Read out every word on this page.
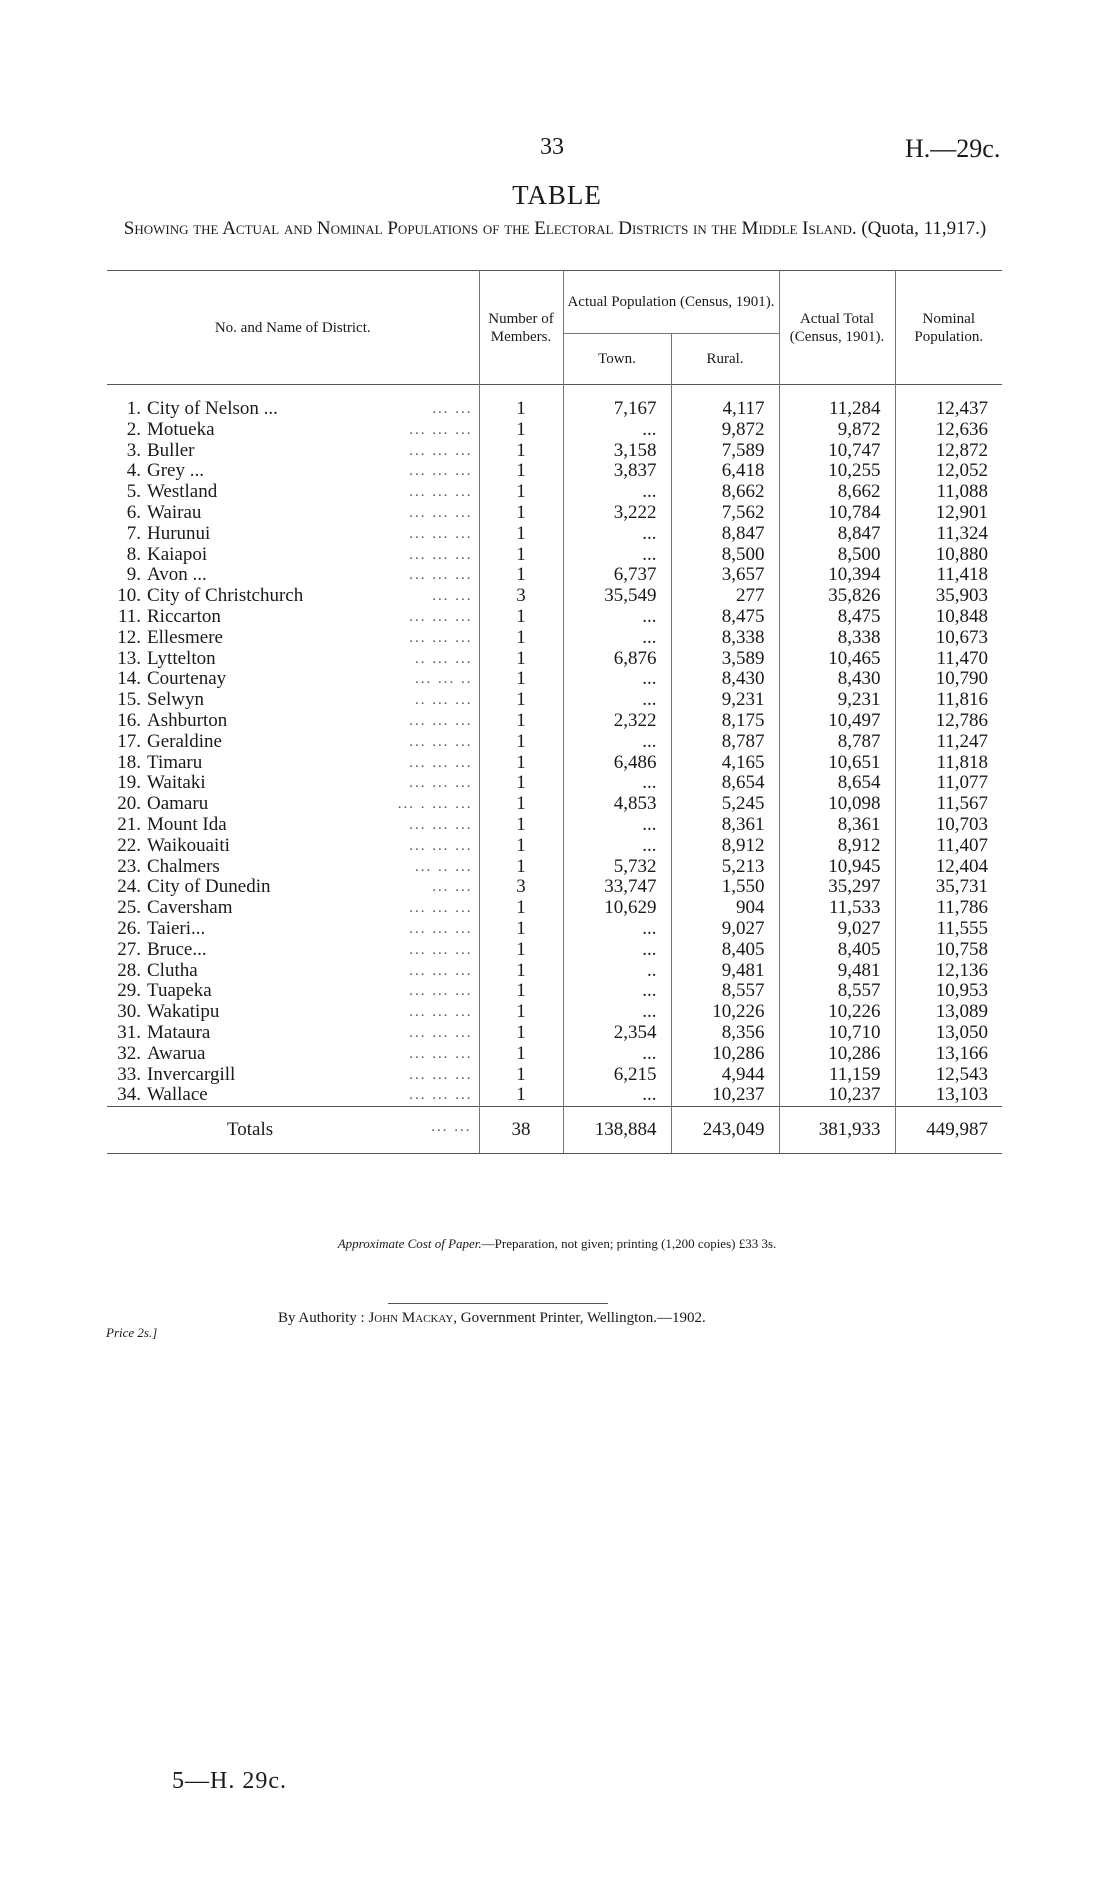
33	H.—29c.
TABLE
Showing the Actual and Nominal Populations of the Electoral Districts in the Middle Island. (Quota, 11,917.)
No. and Name of District.	Number of Members.	Actual Population (Census, 1901).		Actual Total (Census, 1901).	Nominal Population.
		Town.	Rural.		
1. City of Nelson ... ... ...	1	7,167	4,117	11,284	12,437
2. Motueka ... ... ...	1	...	9,872	9,872	12,636
3. Buller ... ... ...	1	3,158	7,589	10,747	12,872
4. Grey ... ... ... ...	1	3,837	6,418	10,255	12,052
5. Westland ... ... ...	1	...	8,662	8,662	11,088
6. Wairau ... ... ...	1	3,222	7,562	10,784	12,901
7. Hurunui ... ... ...	1	...	8,847	8,847	11,324
8. Kaiapoi ... ... ...	1	...	8,500	8,500	10,880
9. Avon ... ... ... ...	1	6,737	3,657	10,394	11,418
10. City of Christchurch ... ...	3	35,549	277	35,826	35,903
11. Riccarton ... ... ...	1	...	8,475	8,475	10,848
12. Ellesmere ... ... ...	1	...	8,338	8,338	10,673
13. Lyttelton .. ... ...	1	6,876	3,589	10,465	11,470
14. Courtenay ... ... ..	1	...	8,430	8,430	10,790
15. Selwyn .. ... ...	1	...	9,231	9,231	11,816
16. Ashburton ... ... ...	1	2,322	8,175	10,497	12,786
17. Geraldine ... ... ...	1	...	8,787	8,787	11,247
18. Timaru ... ... ...	1	6,486	4,165	10,651	11,818
19. Waitaki ... ... ...	1	...	8,654	8,654	11,077
20. Oamaru ... . ... ...	1	4,853	5,245	10,098	11,567
21. Mount Ida ... ... ...	1	...	8,361	8,361	10,703
22. Waikouaiti ... ... ...	1	...	8,912	8,912	11,407
23. Chalmers ... .. ...	1	5,732	5,213	10,945	12,404
24. City of Dunedin ... ...	3	33,747	1,550	35,297	35,731
25. Caversham ... ... ...	1	10,629	904	11,533	11,786
26. Taieri... ... ... ...	1	...	9,027	9,027	11,555
27. Bruce... ... ... ...	1	...	8,405	8,405	10,758
28. Clutha ... ... ...	1	..	9,481	9,481	12,136
29. Tuapeka ... ... ...	1	...	8,557	8,557	10,953
30. Wakatipu ... ... ...	1	...	10,226	10,226	13,089
31. Mataura ... ... ...	1	2,354	8,356	10,710	13,050
32. Awarua ... ... ...	1	...	10,286	10,286	13,166
33. Invercargill ... ... ...	1	6,215	4,944	11,159	12,543
34. Wallace ... ... ...	1	...	10,237	10,237	13,103
Totals ... ...	38	138,884	243,049	381,933	449,987
Approximate Cost of Paper.—Preparation, not given; printing (1,200 copies) £33 3s.
By Authority : John Mackay, Government Printer, Wellington.—1902.
Price 2s.]
5—H. 29c.
